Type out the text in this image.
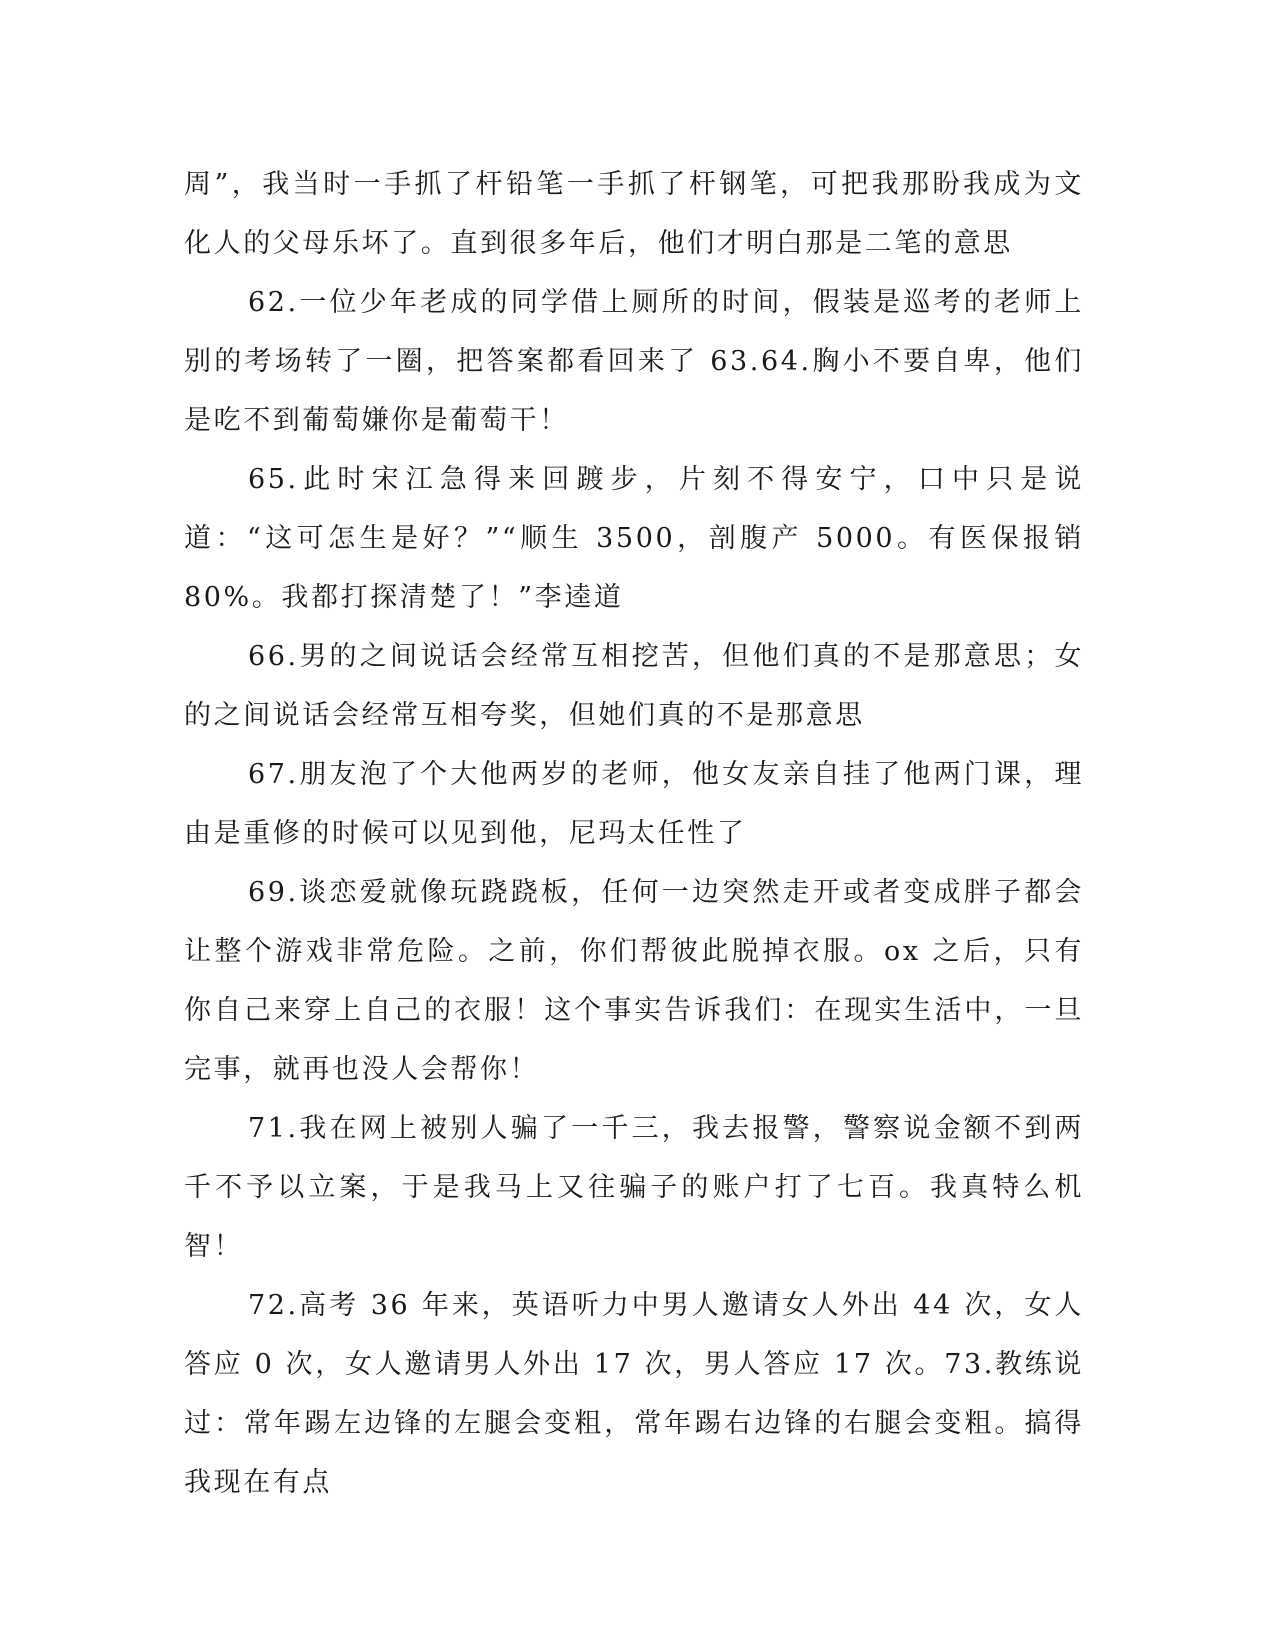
周”，我当时一手抓了杆铅笔一手抓了杆钢笔，可把我那盼我成为文化人的父母乐坏了。直到很多年后，他们才明白那是二笔的意思

62.一位少年老成的同学借上厕所的时间，假装是巡考的老师上别的考场转了一圈，把答案都看回来了 63.64.胸小不要自卑，他们是吃不到葡萄嫌你是葡萄干！

65.此时宋江急得来回踱步，片刻不得安宁，口中只是说道：“这可怎生是好？”“顺生 3500，剖腹产 5000。有医保报销 80%。我都打探清楚了！”李逵道

66.男的之间说话会经常互相挖苦，但他们真的不是那意思；女的之间说话会经常互相夸奖，但她们真的不是那意思

67.朋友泡了个大他两岁的老师，他女友亲自挂了他两门课，理由是重修的时候可以见到他，尼玛太任性了

69.谈恋爱就像玩跷跷板，任何一边突然走开或者变成胖子都会让整个游戏非常危险。之前，你们帮彼此脱掉衣服。ox 之后，只有你自己来穿上自己的衣服！这个事实告诉我们：在现实生活中，一旦完事，就再也没人会帮你！

71.我在网上被别人骗了一千三，我去报警，警察说金额不到两千不予以立案，于是我马上又往骗子的账户打了七百。我真特么机智！

72.高考 36 年来，英语听力中男人邀请女人外出 44 次，女人答应 0 次，女人邀请男人外出 17 次，男人答应 17 次。73.教练说过：常年踢左边锋的左腿会变粗，常年踢右边锋的右腿会变粗。搞得我现在有点
